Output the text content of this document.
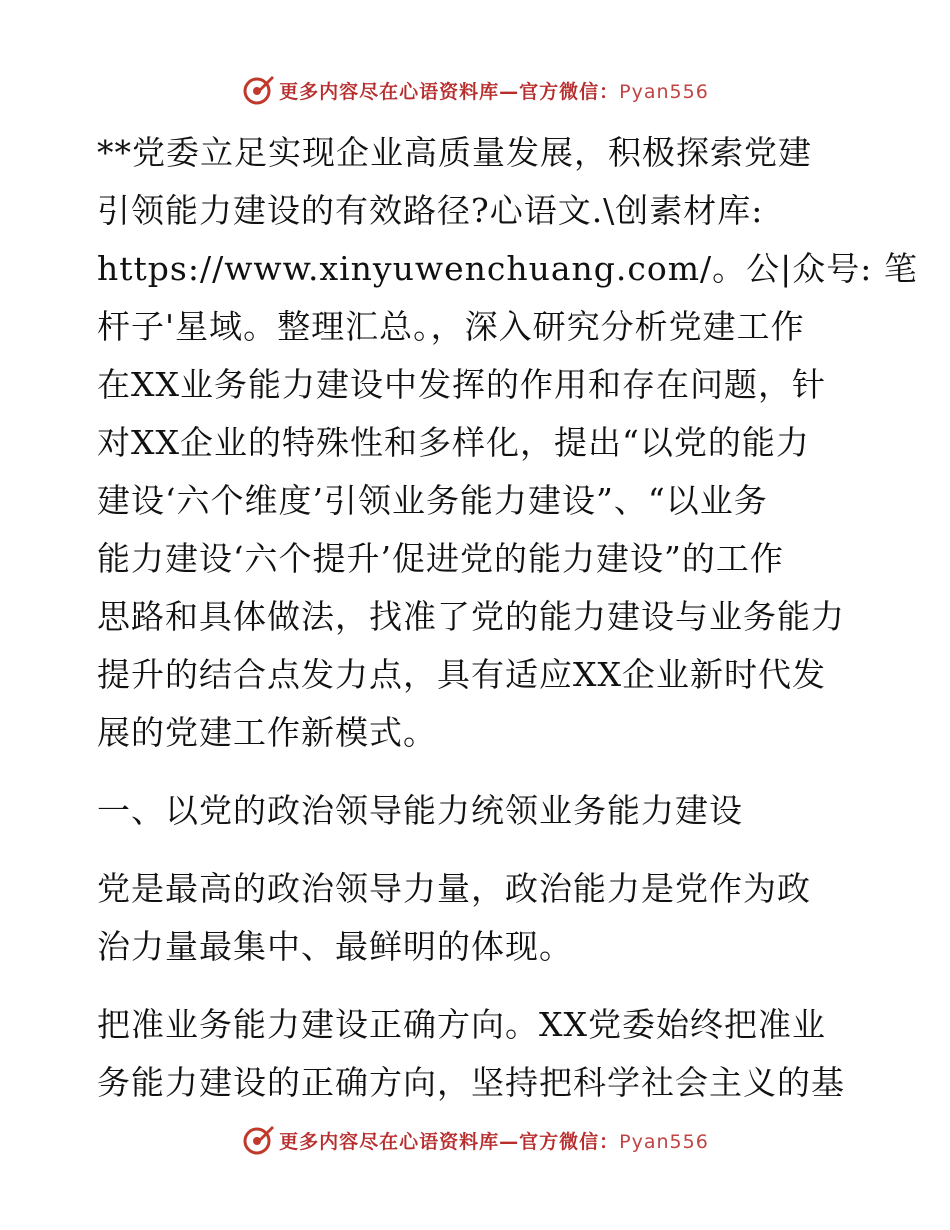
更多内容尽在心语资料库—官方微信：Pyan556

**党委立足实现企业高质量发展，积极探索党建
引领能力建设的有效路径?心语文.\创素材库:
https://www.xinyuwenchuang.com/。公|众号: 笔
杆子'星域。整理汇总。，深入研究分析党建工作
在XX业务能力建设中发挥的作用和存在问题，针
对XX企业的特殊性和多样化，提出“以党的能力
建设‘六个维度’引领业务能力建设”、“以业务
能力建设‘六个提升’促进党的能力建设”的工作
思路和具体做法，找准了党的能力建设与业务能力
提升的结合点发力点，具有适应XX企业新时代发
展的党建工作新模式。

一、以党的政治领导能力统领业务能力建设

党是最高的政治领导力量，政治能力是党作为政
治力量最集中、最鲜明的体现。

把准业务能力建设正确方向。XX党委始终把准业
务能力建设的正确方向，坚持把科学社会主义的基

更多内容尽在心语资料库—官方微信：Pyan556
